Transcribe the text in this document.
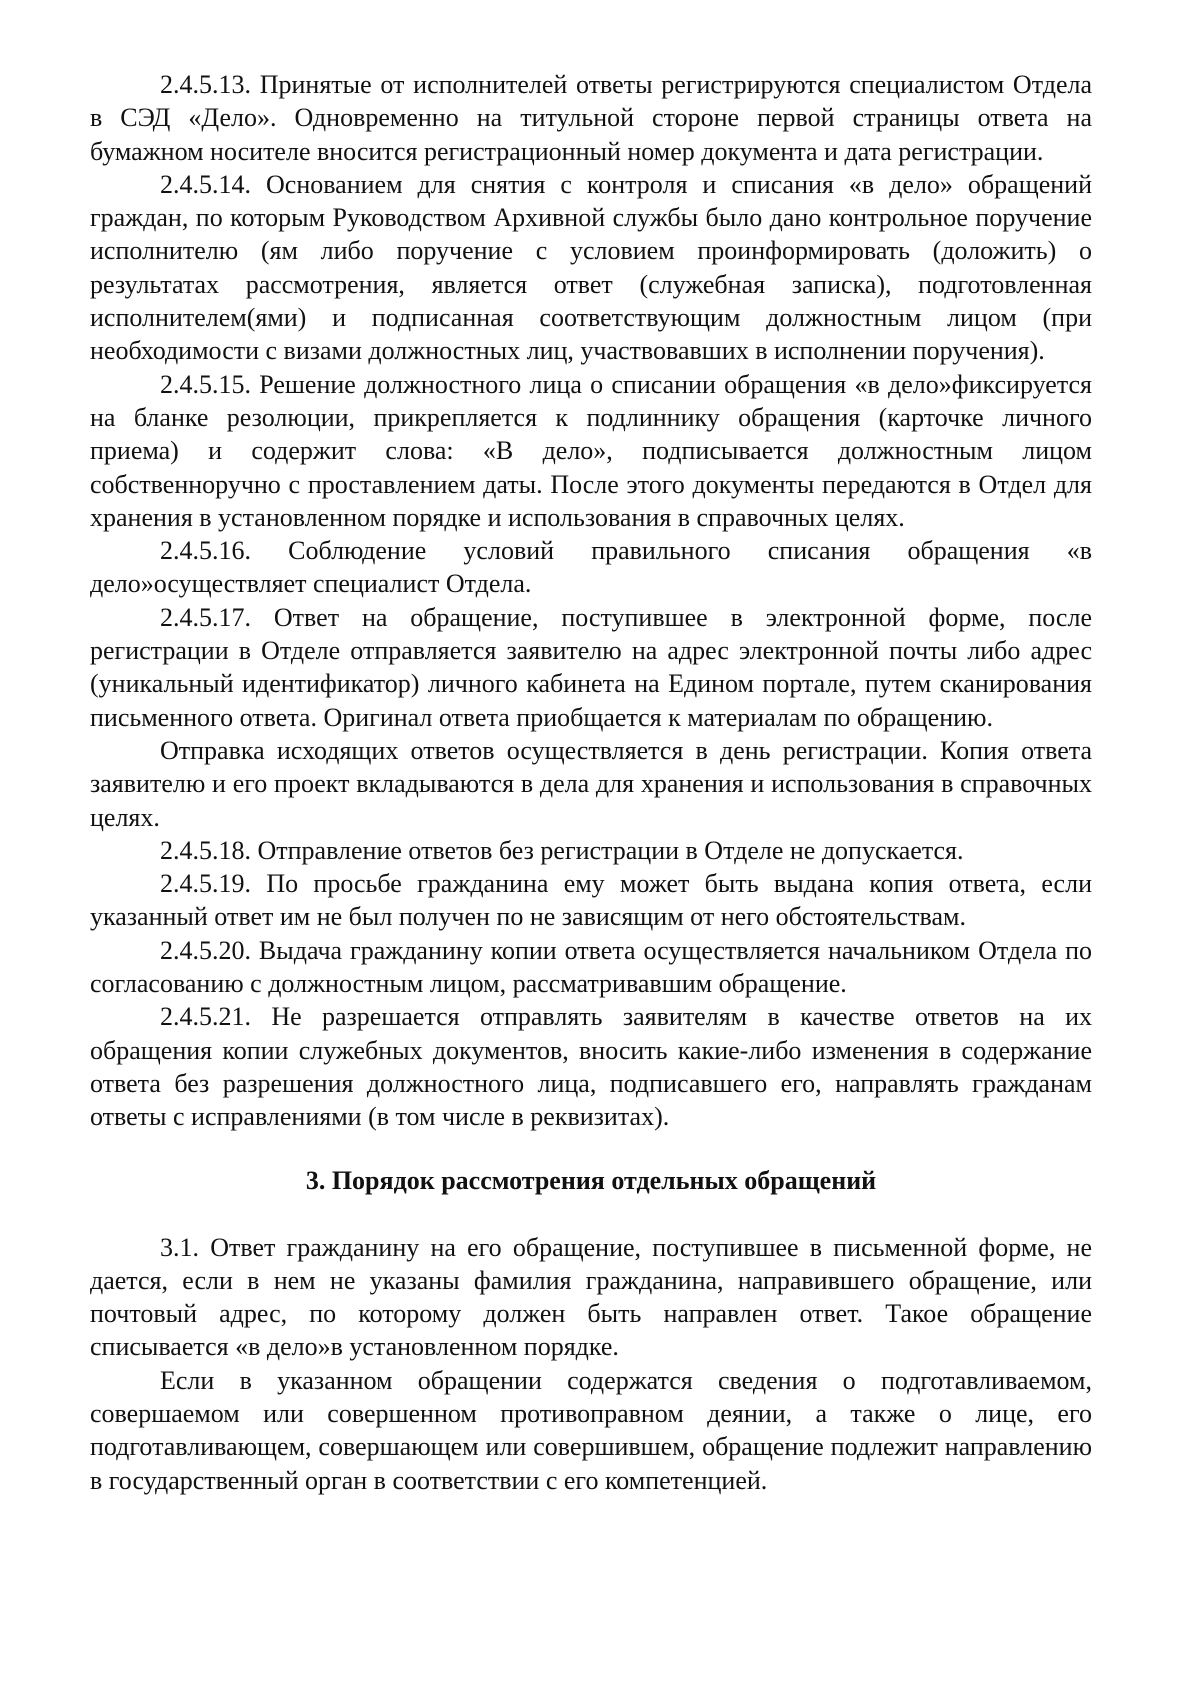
2.4.5.13. Принятые от исполнителей ответы регистрируются специалистом Отдела в СЭД «Дело». Одновременно на титульной стороне первой страницы ответа на бумажном носителе вносится регистрационный номер документа и дата регистрации.

2.4.5.14. Основанием для снятия с контроля и списания «в дело» обращений граждан, по которым Руководством Архивной службы было дано контрольное поручение исполнителю (ям либо поручение с условием проинформировать (доложить) о результатах рассмотрения, является ответ (служебная записка), подготовленная исполнителем(ями) и подписанная соответствующим должностным лицом (при необходимости с визами должностных лиц, участвовавших в исполнении поручения).

2.4.5.15. Решение должностного лица о списании обращения «в дело»фиксируется на бланке резолюции, прикрепляется к подлиннику обращения (карточке личного приема) и содержит слова: «В дело», подписывается должностным лицом собственноручно с проставлением даты. После этого документы передаются в Отдел для хранения в установленном порядке и использования в справочных целях.

2.4.5.16. Соблюдение условий правильного списания обращения «в дело»осуществляет специалист Отдела.

2.4.5.17. Ответ на обращение, поступившее в электронной форме, после регистрации в Отделе отправляется заявителю на адрес электронной почты либо адрес (уникальный идентификатор) личного кабинета на Едином портале, путем сканирования письменного ответа. Оригинал ответа приобщается к материалам по обращению.

Отправка исходящих ответов осуществляется в день регистрации. Копия ответа заявителю и его проект вкладываются в дела для хранения и использования в справочных целях.

2.4.5.18. Отправление ответов без регистрации в Отделе не допускается.

2.4.5.19. По просьбе гражданина ему может быть выдана копия ответа, если указанный ответ им не был получен по не зависящим от него обстоятельствам.

2.4.5.20. Выдача гражданину копии ответа осуществляется начальником Отдела по согласованию с должностным лицом, рассматривавшим обращение.

2.4.5.21. Не разрешается отправлять заявителям в качестве ответов на их обращения копии служебных документов, вносить какие-либо изменения в содержание ответа без разрешения должностного лица, подписавшего его, направлять гражданам ответы с исправлениями (в том числе в реквизитах).

3. Порядок рассмотрения отдельных обращений

3.1. Ответ гражданину на его обращение, поступившее в письменной форме, не дается, если в нем не указаны фамилия гражданина, направившего обращение, или почтовый адрес, по которому должен быть направлен ответ. Такое обращение списывается «в дело»в установленном порядке.

Если в указанном обращении содержатся сведения о подготавливаемом, совершаемом или совершенном противоправном деянии, а также о лице, его подготавливающем, совершающем или совершившем, обращение подлежит направлению в государственный орган в соответствии с его компетенцией.
